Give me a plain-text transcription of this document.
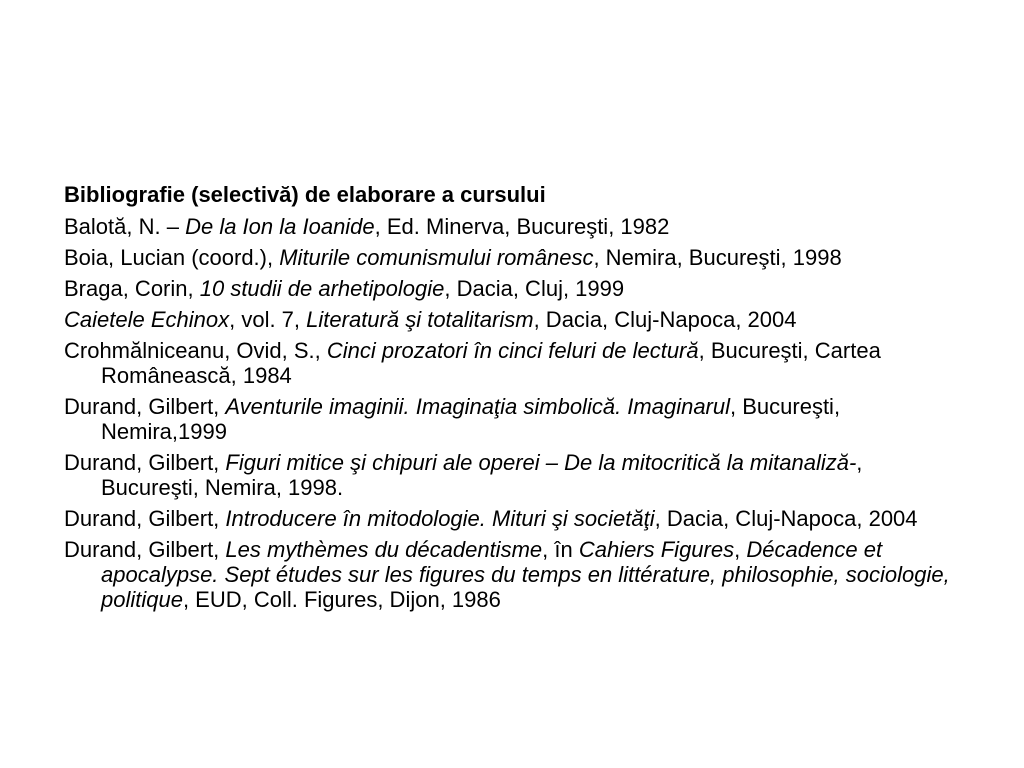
Bibliografie (selectivă) de elaborare a cursului
Balotă, N. – De la Ion la Ioanide, Ed. Minerva, Bucureşti, 1982
Boia, Lucian (coord.), Miturile comunismului românesc, Nemira, Bucureşti, 1998
Braga, Corin, 10 studii de arhetipologie, Dacia, Cluj, 1999
Caietele Echinox, vol. 7, Literatură şi totalitarism, Dacia, Cluj-Napoca, 2004
Crohmălniceanu, Ovid, S., Cinci prozatori în cinci feluri de lectură, Bucureşti, Cartea Românească, 1984
Durand, Gilbert, Aventurile imaginii. Imaginaţia simbolică. Imaginarul, Bucureşti, Nemira,1999
Durand, Gilbert, Figuri mitice şi chipuri ale operei – De la mitocritică la mitanaliză-, Bucureşti, Nemira, 1998.
Durand, Gilbert, Introducere în mitodologie. Mituri şi societăţi, Dacia, Cluj-Napoca, 2004
Durand, Gilbert, Les mythèmes du décadentisme, în Cahiers Figures, Décadence et apocalypse. Sept études sur les figures du temps en littérature, philosophie, sociologie, politique, EUD, Coll. Figures, Dijon, 1986
